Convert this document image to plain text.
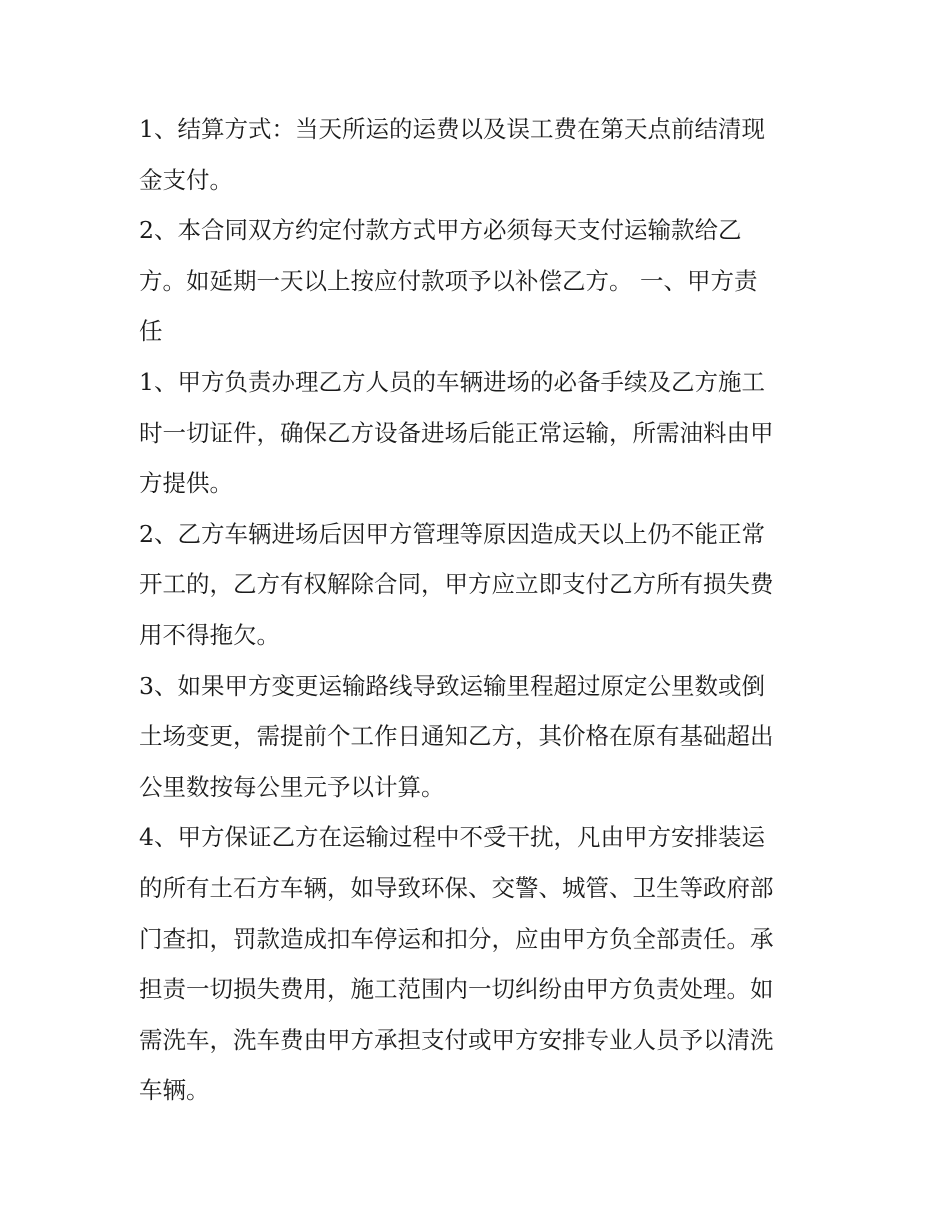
1、结算方式：当天所运的运费以及误工费在第天点前结清现

金支付。

2、本合同双方约定付款方式甲方必须每天支付运输款给乙

方。如延期一天以上按应付款项予以补偿乙方。 一、甲方责

任

1、甲方负责办理乙方人员的车辆进场的必备手续及乙方施工

时一切证件，确保乙方设备进场后能正常运输，所需油料由甲

方提供。

2、乙方车辆进场后因甲方管理等原因造成天以上仍不能正常

开工的，乙方有权解除合同，甲方应立即支付乙方所有损失费

用不得拖欠。

3、如果甲方变更运输路线导致运输里程超过原定公里数或倒

土场变更，需提前个工作日通知乙方，其价格在原有基础超出

公里数按每公里元予以计算。

4、甲方保证乙方在运输过程中不受干扰，凡由甲方安排装运

的所有土石方车辆，如导致环保、交警、城管、卫生等政府部

门查扣，罚款造成扣车停运和扣分，应由甲方负全部责任。承

担责一切损失费用，施工范围内一切纠纷由甲方负责处理。如

需洗车，洗车费由甲方承担支付或甲方安排专业人员予以清洗

车辆。
